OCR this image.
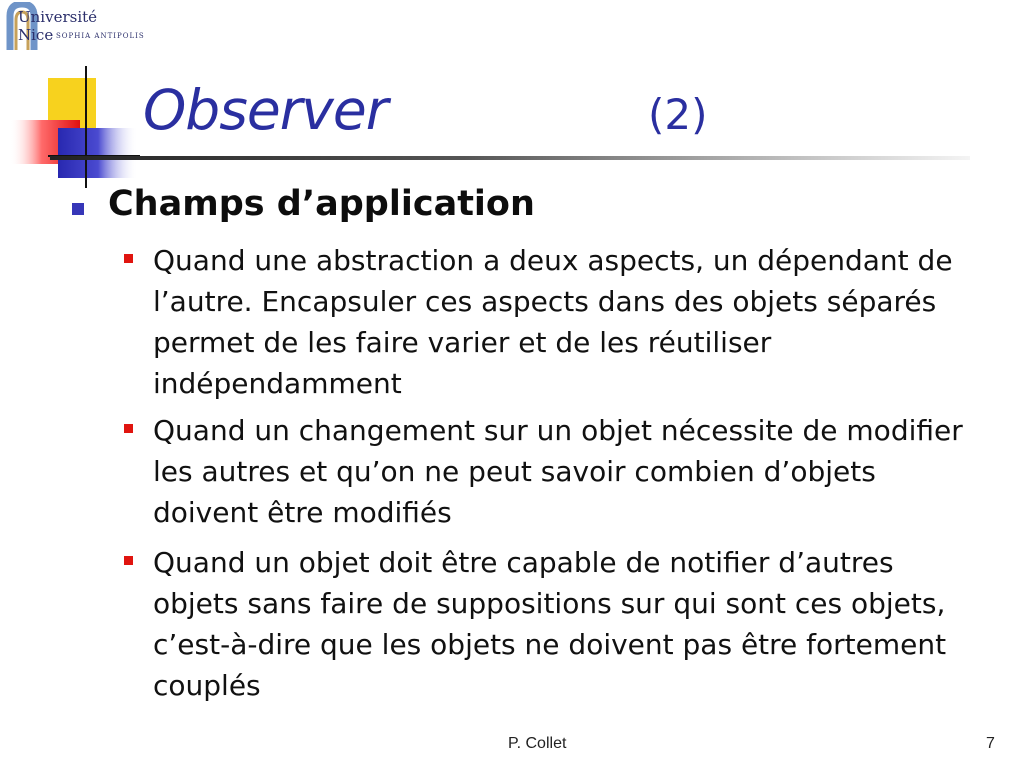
Université
Nice SOPHIA ANTIPOLIS
Observer	(2)
Champs d’application
Quand une abstraction a deux aspects, un dépendant de l’autre. Encapsuler ces aspects dans des objets séparés permet de les faire varier et de les réutiliser indépendamment
Quand un changement sur un objet nécessite de modifier les autres et qu’on ne peut savoir combien d’objets doivent être modifiés
Quand un objet doit être capable de notifier d’autres objets sans faire de suppositions sur qui sont ces objets, c’est-à-dire que les objets ne doivent pas être fortement couplés
P. Collet	7
